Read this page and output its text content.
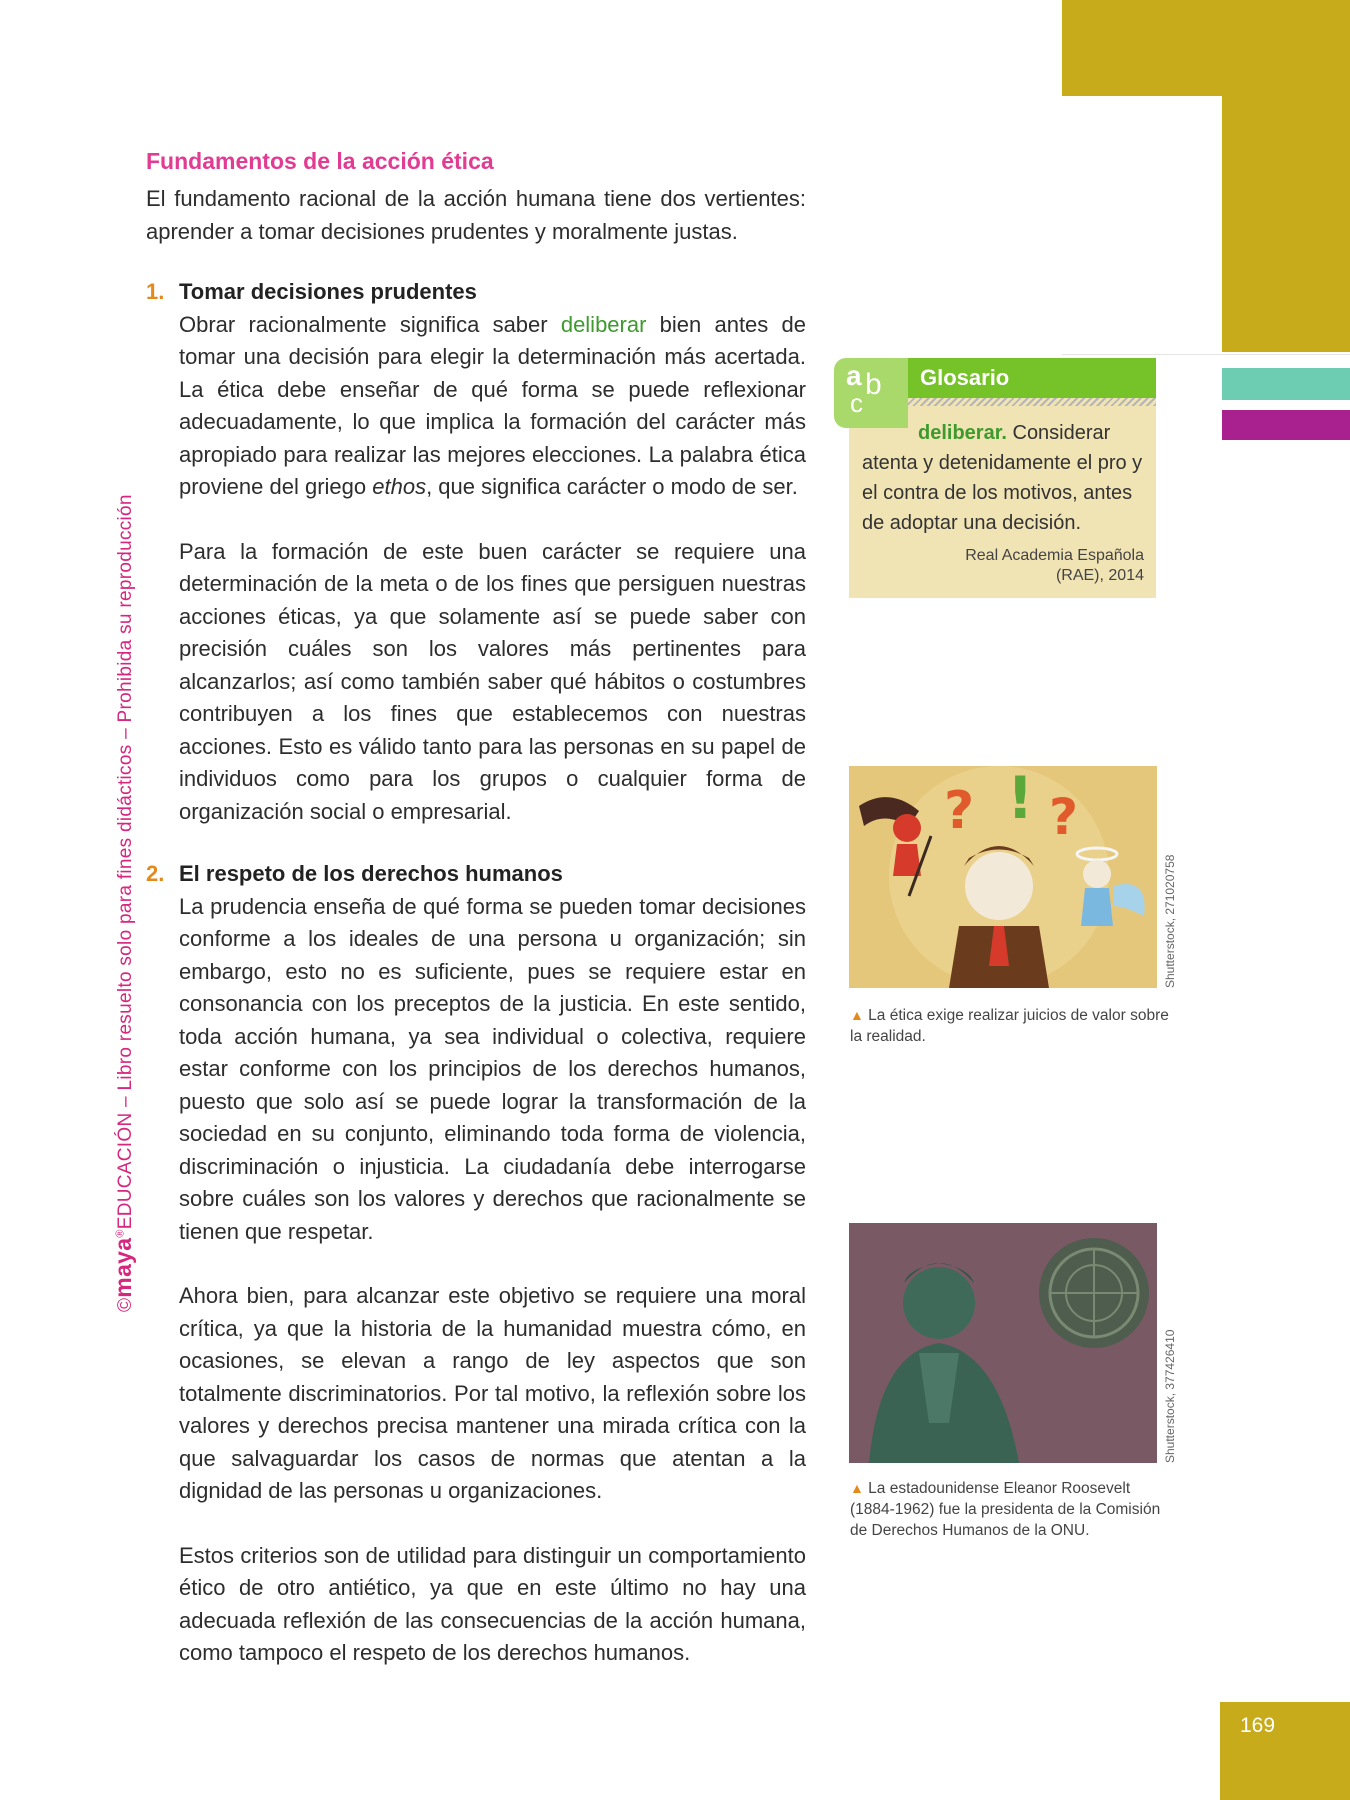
©maya®EDUCACIÓN – Libro resuelto solo para fines didácticos – Prohibida su reproducción
Fundamentos de la acción ética

El fundamento racional de la acción humana tiene dos vertientes: aprender a tomar decisiones prudentes y moralmente justas.

1. Tomar decisiones prudentes

Obrar racionalmente significa saber deliberar bien antes de tomar una decisión para elegir la determinación más acertada. La ética debe enseñar de qué forma se puede reflexionar adecuadamente, lo que implica la formación del carácter más apropiado para realizar las mejores elecciones. La palabra ética proviene del griego ethos, que significa carácter o modo de ser.

Para la formación de este buen carácter se requiere una determinación de la meta o de los fines que persiguen nuestras acciones éticas, ya que solamente así se puede saber con precisión cuáles son los valores más pertinentes para alcanzarlos; así como también saber qué hábitos o costumbres contribuyen a los fines que establecemos con nuestras acciones. Esto es válido tanto para las personas en su papel de individuos como para los grupos o cualquier forma de organización social o empresarial.

2. El respeto de los derechos humanos

La prudencia enseña de qué forma se pueden tomar decisiones conforme a los ideales de una persona u organización; sin embargo, esto no es suficiente, pues se requiere estar en consonancia con los preceptos de la justicia. En este sentido, toda acción humana, ya sea individual o colectiva, requiere estar conforme con los principios de los derechos humanos, puesto que solo así se puede lograr la transformación de la sociedad en su conjunto, eliminando toda forma de violencia, discriminación o injusticia. La ciudadanía debe interrogarse sobre cuáles son los valores y derechos que racionalmente se tienen que respetar.

Ahora bien, para alcanzar este objetivo se requiere una moral crítica, ya que la historia de la humanidad muestra cómo, en ocasiones, se elevan a rango de ley aspectos que son totalmente discriminatorios. Por tal motivo, la reflexión sobre los valores y derechos precisa mantener una mirada crítica con la que salvaguardar los casos de normas que atentan a la dignidad de las personas u organizaciones.

Estos criterios son de utilidad para distinguir un comportamiento ético de otro antiético, ya que en este último no hay una adecuada reflexión de las consecuencias de la acción humana, como tampoco el respeto de los derechos humanos.

Glosario
a b
c
deliberar. Considerar atenta y detenidamente el pro y el contra de los motivos, antes de adoptar una decisión.
Real Academia Española
(RAE), 2014
? ! ?
Shutterstock, 271020758
▲ La ética exige realizar juicios de valor sobre la realidad.
Shutterstock, 377426410
▲ La estadounidense Eleanor Roosevelt (1884-1962) fue la presidenta de la Comisión de Derechos Humanos de la ONU.
169
